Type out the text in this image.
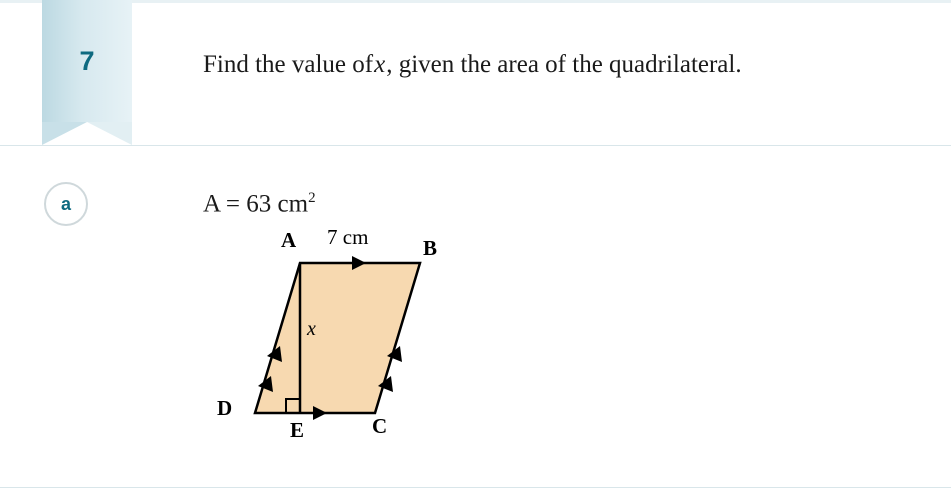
7	Find the value ofx, given the area of the quadrilateral.
a	A = 63 $cm^2$
A	B
C
D
E
7 cm
x
